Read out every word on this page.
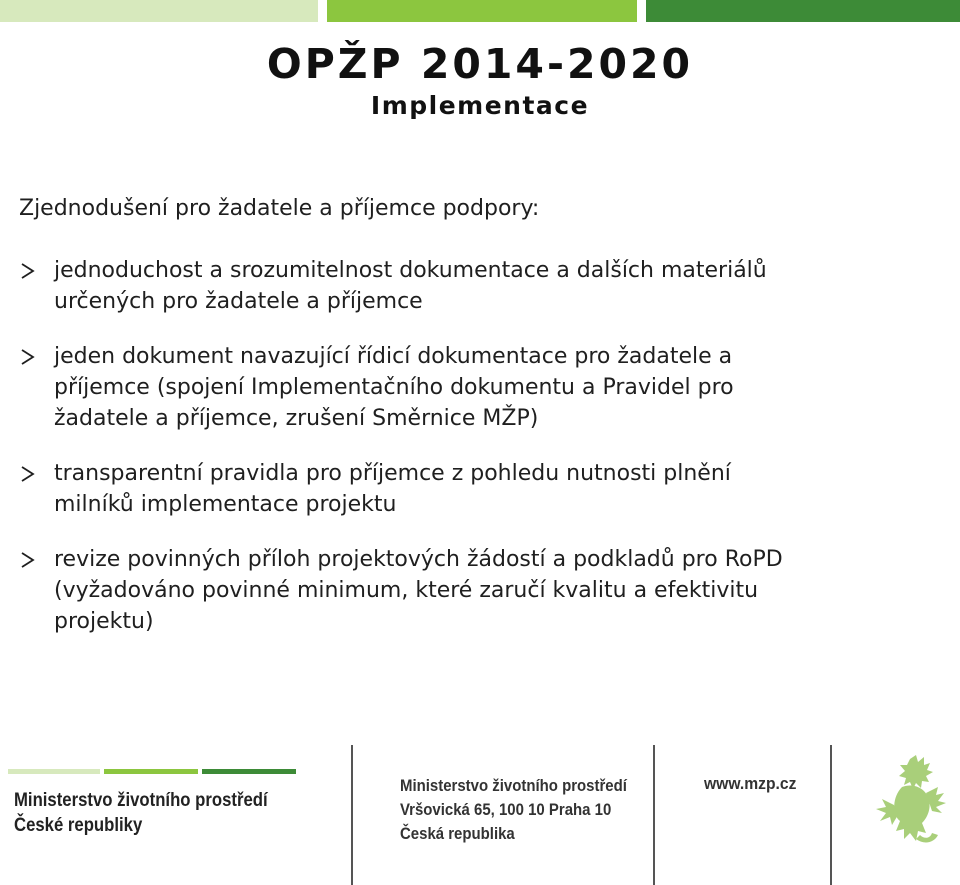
OPŽP 2014-2020
Implementace
Zjednodušení pro žadatele a příjemce podpory:
jednoduchost a srozumitelnost dokumentace a dalších materiálů
určených pro žadatele a příjemce
jeden dokument navazující řídicí dokumentace pro žadatele a
příjemce (spojení Implementačního dokumentu a Pravidel pro
žadatele a příjemce, zrušení Směrnice MŽP)
transparentní pravidla pro příjemce z pohledu nutnosti plnění
milníků implementace projektu
revize povinných příloh projektových žádostí a podkladů pro RoPD
(vyžadováno povinné minimum, které zaručí kvalitu a efektivitu
projektu)
Ministerstvo životního prostředí
České republiky
Ministerstvo životního prostředí
Vršovická 65, 100 10 Praha 10
Česká republika
www.mzp.cz
